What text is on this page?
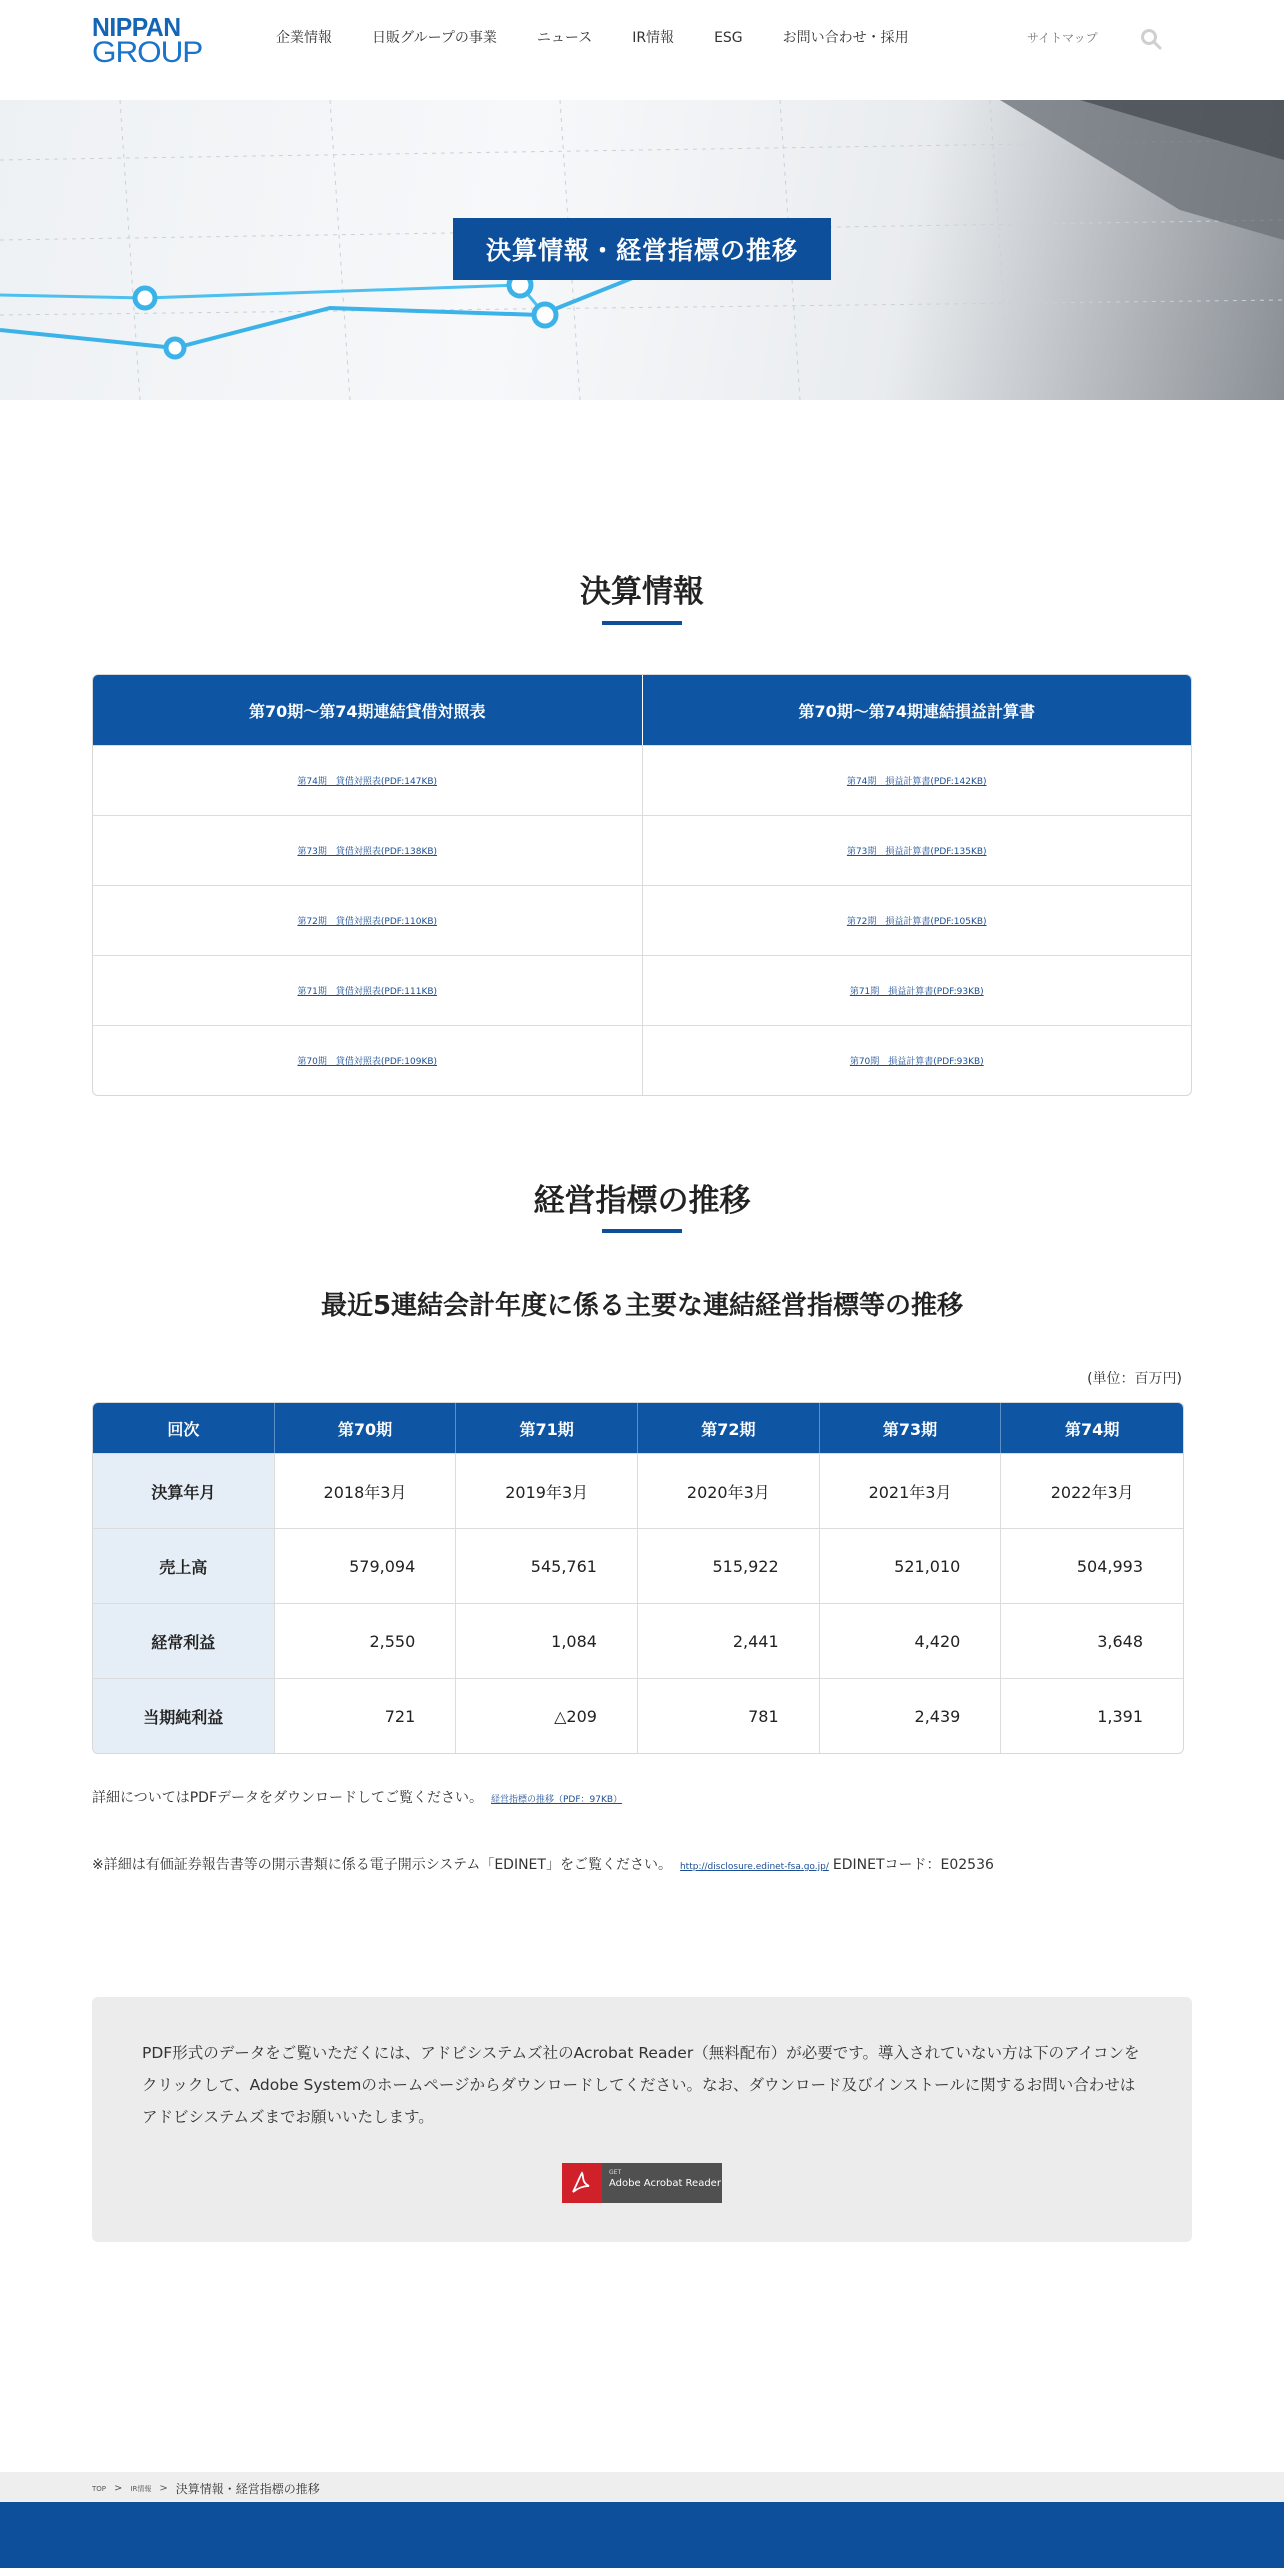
NIPPAN
GROUP	企業情報	日販グループの事業	ニュース	IR情報	ESG	お問い合わせ・採用	サイトマップ
決算情報・経営指標の推移
決算情報
第70期〜第74期連結貸借対照表	第70期〜第74期連結損益計算書
第74期　貸借対照表(PDF:147KB)	第74期　損益計算書(PDF:142KB)
第73期　貸借対照表(PDF:138KB)	第73期　損益計算書(PDF:135KB)
第72期　貸借対照表(PDF:110KB)	第72期　損益計算書(PDF:105KB)
第71期　貸借対照表(PDF:111KB)	第71期　損益計算書(PDF:93KB)
第70期　貸借対照表(PDF:109KB)	第70期　損益計算書(PDF:93KB)
経営指標の推移
最近5連結会計年度に係る主要な連結経営指標等の推移
(単位：百万円)
回次	第70期	第71期	第72期	第73期	第74期
決算年月	2018年3月	2019年3月	2020年3月	2021年3月	2022年3月
売上高	579,094	545,761	515,922	521,010	504,993
経常利益	2,550	1,084	2,441	4,420	3,648
当期純利益	721	△209	781	2,439	1,391
詳細についてはPDFデータをダウンロードしてご覧ください。 経営指標の推移（PDF：97KB）
※詳細は有価証券報告書等の開示書類に係る電子開示システム「EDINET」をご覧ください。 http://disclosure.edinet-fsa.go.jp/ EDINETコード：E02536

PDF形式のデータをご覧いただくには、アドビシステムズ社のAcrobat Reader（無料配布）が必要です。導入されていない方は下のアイコンをクリックして、Adobe Systemのホームページからダウンロードしてください。なお、ダウンロード及びインストールに関するお問い合わせはアドビシステムズまでお願いいたします。

GET
Adobe Acrobat Reader
TOP > IR情報 > 決算情報・経営指標の推移
